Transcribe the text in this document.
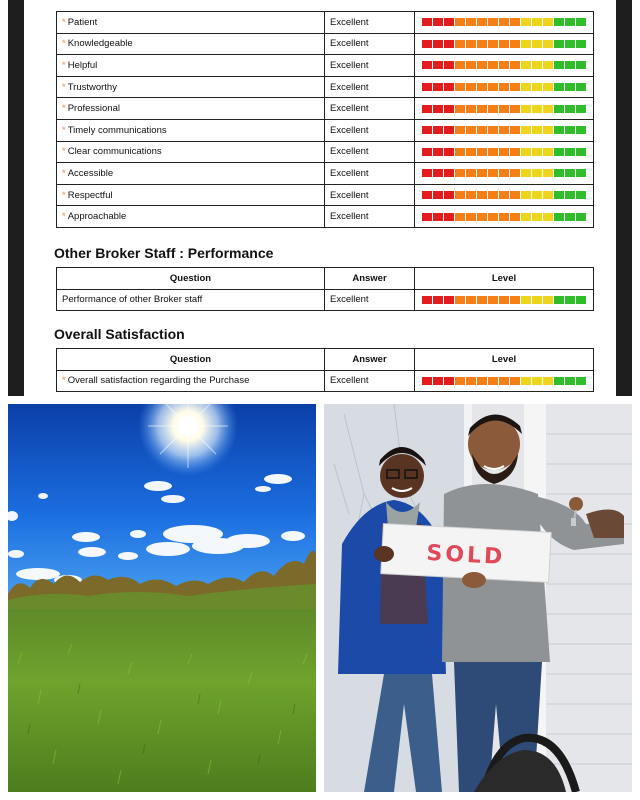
* Patient	Excellent	

* Knowledgeable	Excellent	

* Helpful	Excellent	

* Trustworthy	Excellent	

* Professional	Excellent	

* Timely communications	Excellent	

* Clear communications	Excellent	

* Accessible	Excellent	

* Respectful	Excellent	

* Approachable	Excellent	
Other Broker Staff : Performance
Question	Answer	Level
Performance of other Broker staff	Excellent	
Overall Satisfaction
Question	Answer	Level
* Overall satisfaction regarding the Purchase	Excellent	
SOLD
